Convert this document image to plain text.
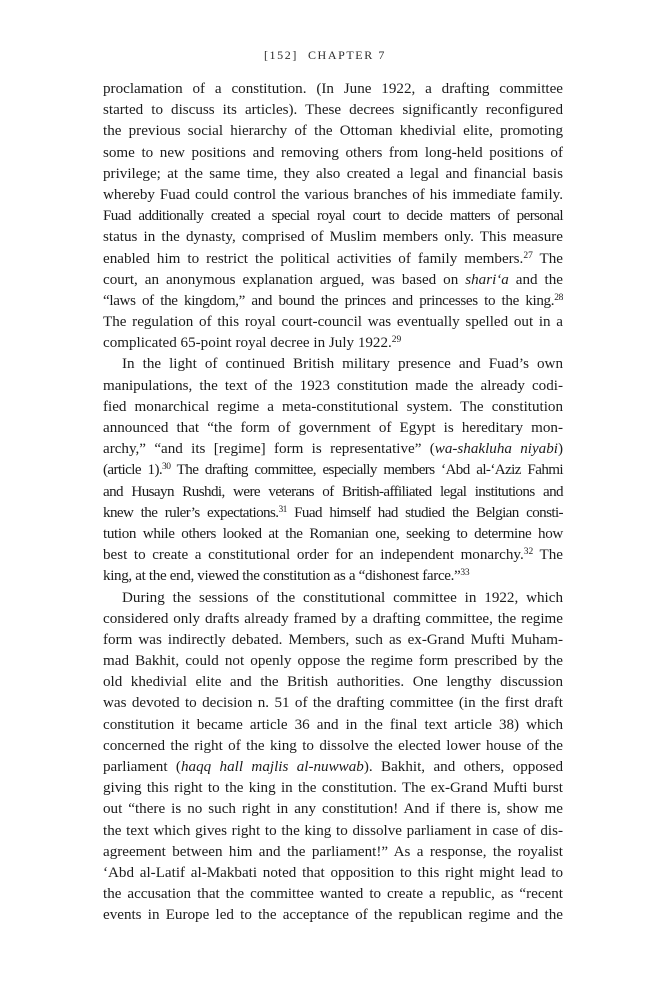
[152] CHAPTER 7
proclamation of a constitution. (In June 1922, a drafting committee
started to discuss its articles). These decrees significantly reconfigured
the previous social hierarchy of the Ottoman khedivial elite, promoting
some to new positions and removing others from long-held positions of
privilege; at the same time, they also created a legal and financial basis
whereby Fuad could control the various branches of his immediate family.
Fuad additionally created a special royal court to decide matters of personal
status in the dynasty, comprised of Muslim members only. This measure
enabled him to restrict the political activities of family members.$^{27}$ The
court, an anonymous explanation argued, was based on shari‘a and the
“laws of the kingdom,” and bound the princes and princesses to the king.$^{28}$
The regulation of this royal court-council was eventually spelled out in a
complicated 65-point royal decree in July 1922.29
In the light of continued British military presence and Fuad’s own
manipulations, the text of the 1923 constitution made the already codi-
fied monarchical regime a meta-constitutional system. The constitution
announced that “the form of government of Egypt is hereditary mon-
archy,” “and its [regime] form is representative” (wa-shakluha niyabi)
(article 1).$^{30}$ The drafting committee, especially members ‘Abd al-‘Aziz Fahmi
and Husayn Rushdi, were veterans of British-affiliated legal institutions and
knew the ruler’s expectations.$^{31}$ Fuad himself had studied the Belgian consti-
tution while others looked at the Romanian one, seeking to determine how
best to create a constitutional order for an independent monarchy.$^{32}$ The
king, at the end, viewed the constitution as a “dishonest farce.”$^{33}$
During the sessions of the constitutional committee in 1922, which
considered only drafts already framed by a drafting committee, the regime
form was indirectly debated. Members, such as ex-Grand Mufti Muham-
mad Bakhit, could not openly oppose the regime form prescribed by the
old khedivial elite and the British authorities. One lengthy discussion
was devoted to decision n. 51 of the drafting committee (in the first draft
constitution it became article 36 and in the final text article 38) which
concerned the right of the king to dissolve the elected lower house of the
parliament (haqq hall majlis al-nuwwab). Bakhit, and others, opposed
giving this right to the king in the constitution. The ex-Grand Mufti burst
out “there is no such right in any constitution! And if there is, show me
the text which gives right to the king to dissolve parliament in case of dis-
agreement between him and the parliament!” As a response, the royalist
‘Abd al-Latif al-Makbati noted that opposition to this right might lead to
the accusation that the committee wanted to create a republic, as “recent
events in Europe led to the acceptance of the republican regime and the
